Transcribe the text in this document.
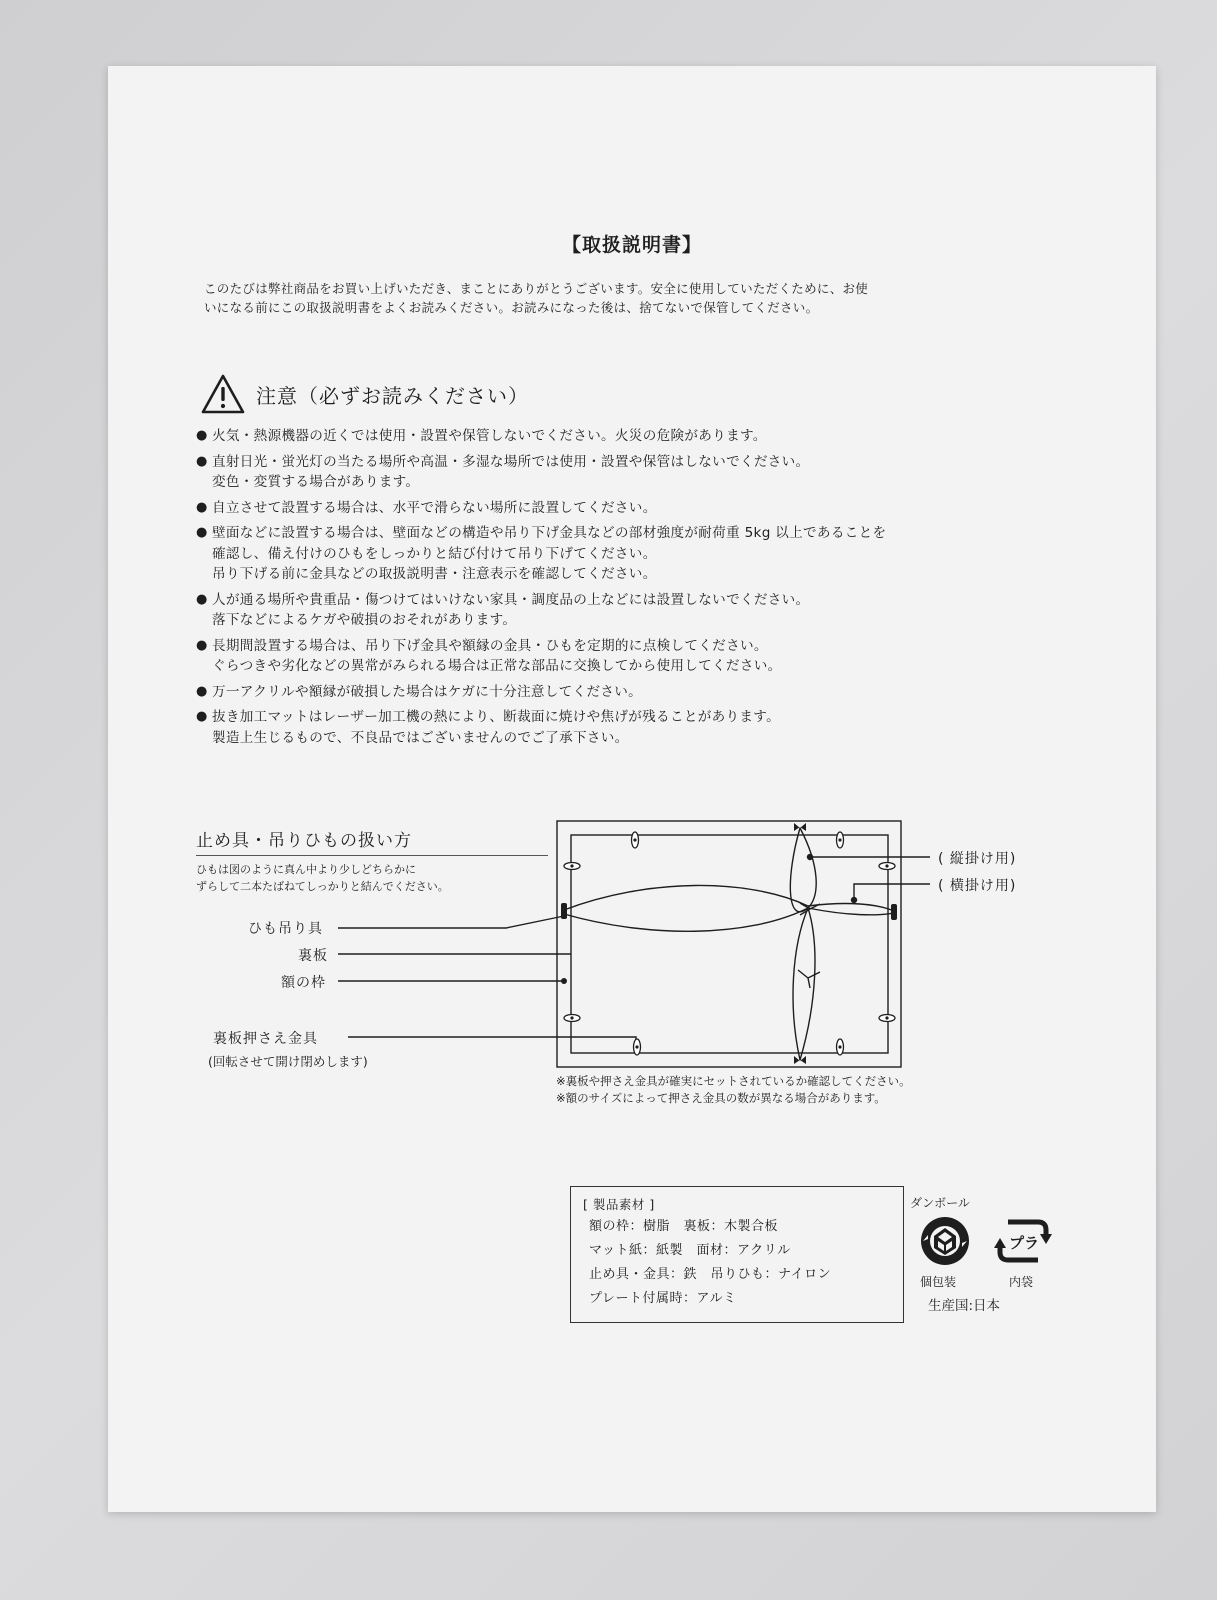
【取扱説明書】
このたびは弊社商品をお買い上げいただき、まことにありがとうございます。安全に使用していただくために、お使
いになる前にこの取扱説明書をよくお読みください。お読みになった後は、捨てないで保管してください。
注意（必ずお読みください）
● 火気・熱源機器の近くでは使用・設置や保管しないでください。火災の危険があります。
● 直射日光・蛍光灯の当たる場所や高温・多湿な場所では使用・設置や保管はしないでください。
変色・変質する場合があります。
● 自立させて設置する場合は、水平で滑らない場所に設置してください。
● 壁面などに設置する場合は、壁面などの構造や吊り下げ金具などの部材強度が耐荷重 5kg 以上であることを
確認し、備え付けのひもをしっかりと結び付けて吊り下げてください。
吊り下げる前に金具などの取扱説明書・注意表示を確認してください。
● 人が通る場所や貴重品・傷つけてはいけない家具・調度品の上などには設置しないでください。
落下などによるケガや破損のおそれがあります。
● 長期間設置する場合は、吊り下げ金具や額縁の金具・ひもを定期的に点検してください。
ぐらつきや劣化などの異常がみられる場合は正常な部品に交換してから使用してください。
● 万一アクリルや額縁が破損した場合はケガに十分注意してください。
● 抜き加工マットはレーザー加工機の熱により、断裁面に焼けや焦げが残ることがあります。
製造上生じるもので、不良品ではございませんのでご了承下さい。
止め具・吊りひもの扱い方
ひもは図のように真ん中より少しどちらかに
ずらして二本たばねてしっかりと結んでください。
ひも吊り具
裏板
額の枠
裏板押さえ金具
(回転させて開け閉めします)
( 縦掛け用)
( 横掛け用)
※裏板や押さえ金具が確実にセットされているか確認してください。
※額のサイズによって押さえ金具の数が異なる場合があります。
[ 製品素材 ]
額の枠：樹脂　裏板：木製合板
マット紙：紙製　面材：アクリル
止め具・金具：鉄　吊りひも：ナイロン
プレート付属時：アルミ
ダンボール
プラ
個包装	内袋
生産国:日本
